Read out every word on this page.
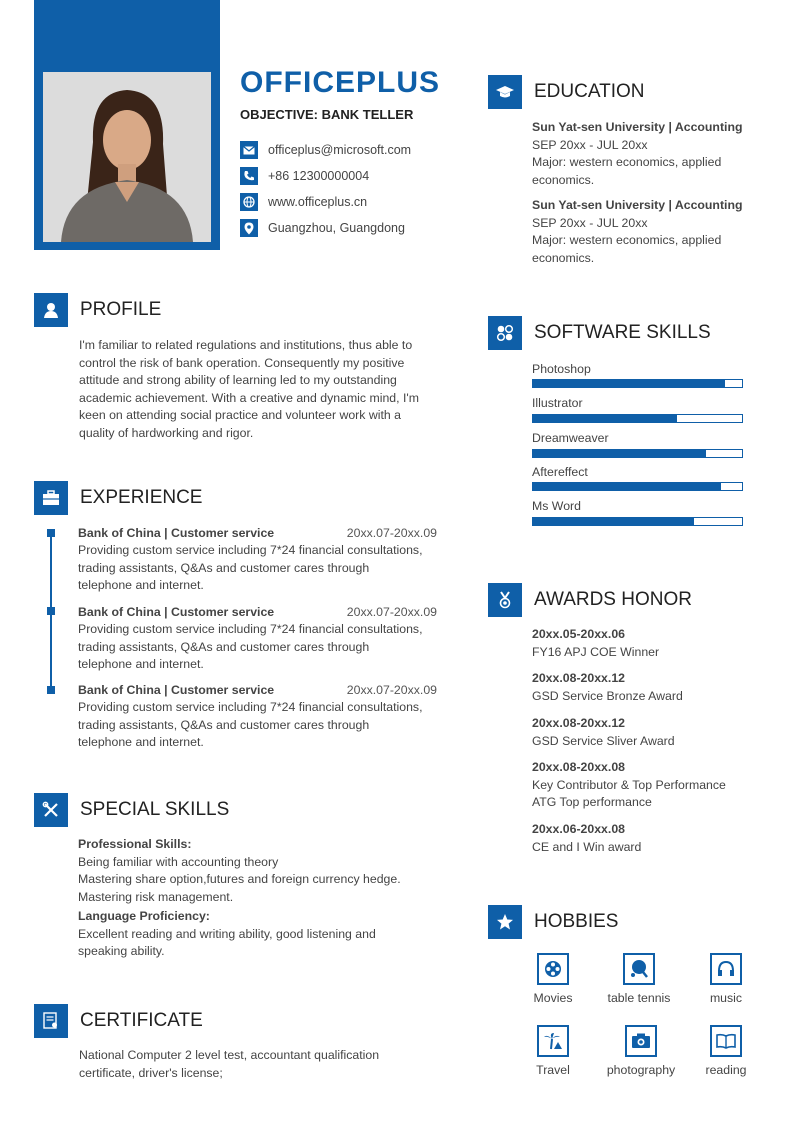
OFFICEPLUS
OBJECTIVE: BANK TELLER
officeplus@microsoft.com
+86 12300000004
www.officeplus.cn
Guangzhou, Guangdong
PROFILE
I'm familiar to related regulations and institutions, thus able to
control the risk of bank operation. Consequently my positive
attitude and strong ability of learning led to my outstanding
academic achievement. With a creative and dynamic mind, I'm
keen on attending social practice and volunteer work with a
quality of hardworking and rigor.
EXPERIENCE
Bank of China | Customer service	20xx.07-20xx.09
Providing custom service including 7*24 financial consultations,
trading assistants, Q&As and customer cares through
telephone and internet.
Bank of China | Customer service	20xx.07-20xx.09
Providing custom service including 7*24 financial consultations,
trading assistants, Q&As and customer cares through
telephone and internet.
Bank of China | Customer service	20xx.07-20xx.09
Providing custom service including 7*24 financial consultations,
trading assistants, Q&As and customer cares through
telephone and internet.
SPECIAL SKILLS
Professional Skills:
Being familiar with accounting theory
Mastering share option,futures and foreign currency hedge.
Mastering risk management.
Language Proficiency:
Excellent reading and writing ability, good listening and
speaking ability.
CERTIFICATE
National Computer 2 level test, accountant qualification
certificate, driver's license;
EDUCATION
Sun Yat-sen University | Accounting
SEP 20xx - JUL 20xx
Major: western economics, applied
economics.
Sun Yat-sen University | Accounting
SEP 20xx - JUL 20xx
Major: western economics, applied
economics.
SOFTWARE SKILLS
Photoshop
Illustrator
Dreamweaver
Aftereffect
Ms Word
AWARDS HONOR
20xx.05-20xx.06
FY16 APJ COE Winner
20xx.08-20xx.12
GSD Service Bronze Award
20xx.08-20xx.12
GSD Service Sliver Award
20xx.08-20xx.08
Key Contributor & Top Performance
ATG Top performance
20xx.06-20xx.08
CE and I Win award
HOBBIES
Movies	table tennis	music
Travel	photography	reading
